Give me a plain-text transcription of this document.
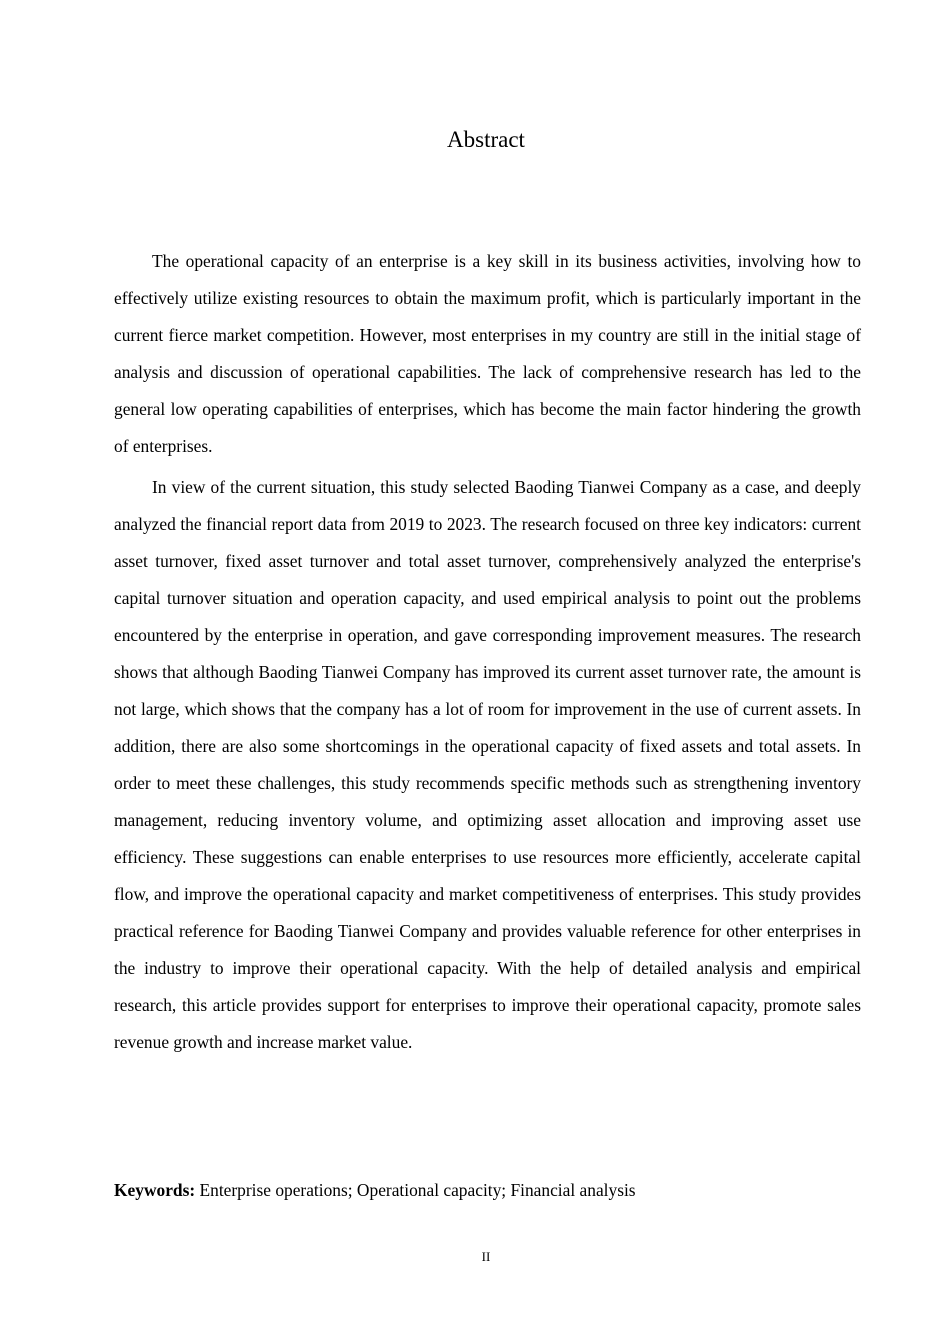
Abstract

The operational capacity of an enterprise is a key skill in its business activities, involving how to effectively utilize existing resources to obtain the maximum profit, which is particularly important in the current fierce market competition. However, most enterprises in my country are still in the initial stage of analysis and discussion of operational capabilities. The lack of comprehensive research has led to the general low operating capabilities of enterprises, which has become the main factor hindering the growth of enterprises.

In view of the current situation, this study selected Baoding Tianwei Company as a case, and deeply analyzed the financial report data from 2019 to 2023. The research focused on three key indicators: current asset turnover, fixed asset turnover and total asset turnover, comprehensively analyzed the enterprise's capital turnover situation and operation capacity, and used empirical analysis to point out the problems encountered by the enterprise in operation, and gave corresponding improvement measures. The research shows that although Baoding Tianwei Company has improved its current asset turnover rate, the amount is not large, which shows that the company has a lot of room for improvement in the use of current assets. In addition, there are also some shortcomings in the operational capacity of fixed assets and total assets. In order to meet these challenges, this study recommends specific methods such as strengthening inventory management, reducing inventory volume, and optimizing asset allocation and improving asset use efficiency. These suggestions can enable enterprises to use resources more efficiently, accelerate capital flow, and improve the operational capacity and market competitiveness of enterprises. This study provides practical reference for Baoding Tianwei Company and provides valuable reference for other enterprises in the industry to improve their operational capacity. With the help of detailed analysis and empirical research, this article provides support for enterprises to improve their operational capacity, promote sales revenue growth and increase market value.

Keywords: Enterprise operations; Operational capacity; Financial analysis

II
